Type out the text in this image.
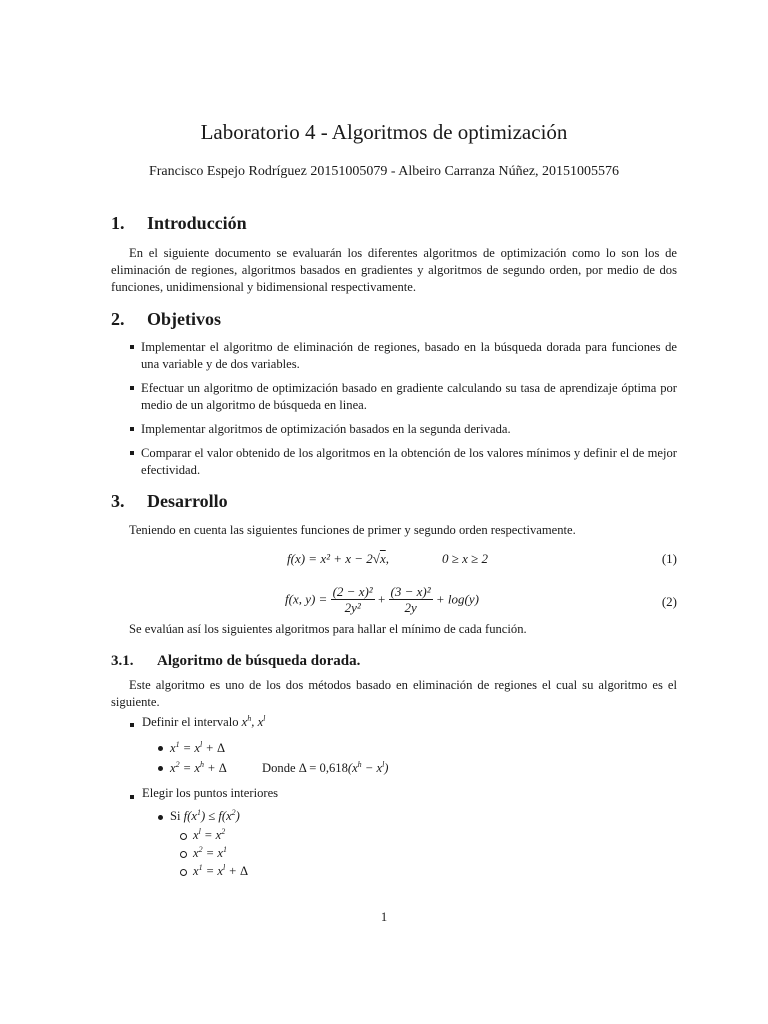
Laboratorio 4 - Algoritmos de optimización
Francisco Espejo Rodríguez 20151005079 - Albeiro Carranza Núñez, 20151005576
1. Introducción
En el siguiente documento se evaluarán los diferentes algoritmos de optimización como lo son los de eliminación de regiones, algoritmos basados en gradientes y algoritmos de segundo orden, por medio de dos funciones, unidimensional y bidimensional respectivamente.
2. Objetivos
Implementar el algoritmo de eliminación de regiones, basado en la búsqueda dorada para funciones de una variable y de dos variables.
Efectuar un algoritmo de optimización basado en gradiente calculando su tasa de aprendizaje óptima por medio de un algoritmo de búsqueda en linea.
Implementar algoritmos de optimización basados en la segunda derivada.
Comparar el valor obtenido de los algoritmos en la obtención de los valores mínimos y definir el de mejor efectividad.
3. Desarrollo
Teniendo en cuenta las siguientes funciones de primer y segundo orden respectivamente.
f(x) = x² + x − 2√x,	0 ≥ x ≥ 2	(1)
f(x, $y) = \frac{\text{(2 − x)²}}{\text{2y²}} + \frac{\text{(3 − x)²}}{2y} + \log(y)$	(2)
Se evalúan así los siguientes algoritmos para hallar el mínimo de cada función.
3.1. Algoritmo de búsqueda dorada.
Este algoritmo es uno de los dos métodos basado en eliminación de regiones el cual su algoritmo es el siguiente.
Definir el intervalo $x^h$, $x^l$
$x^1 = x^l + \Delta$
$x^2 = x^h + \Delta$	Donde $\Delta = 0,618(x^h - x^l)$
Elegir los puntos interiores
Si $f(x^1) \le f(x^2)$
$x^l = x^2$
$x^2 = x^1$
$x^1 = x^l + \Delta$
1
